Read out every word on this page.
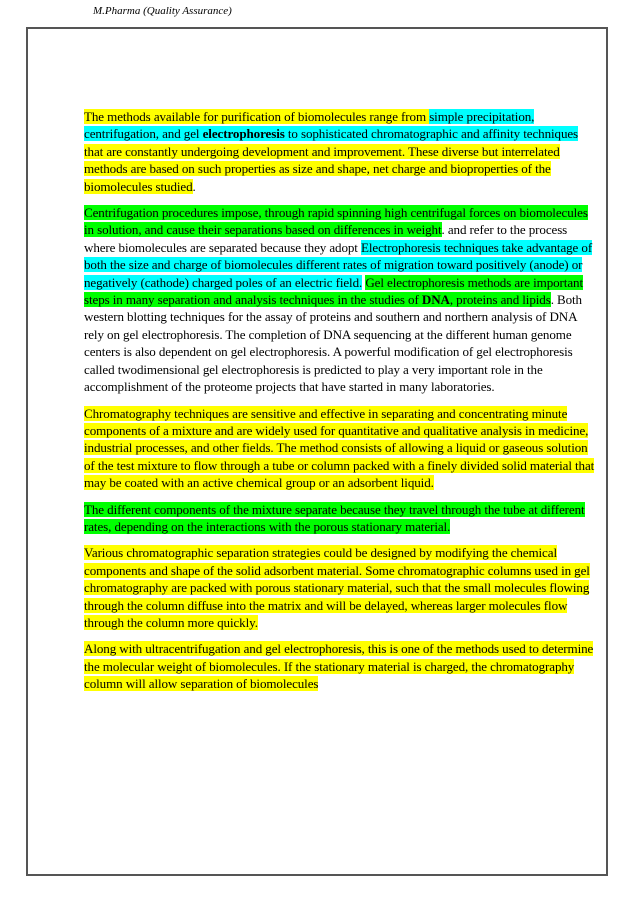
M.Pharma (Quality Assurance)

The methods available for purification of biomolecules range from simple precipitation, centrifugation, and gel electrophoresis to sophisticated chromatographic and affinity techniques that are constantly undergoing development and improvement. These diverse but interrelated methods are based on such properties as size and shape, net charge and bioproperties of the biomolecules studied.

Centrifugation procedures impose, through rapid spinning high centrifugal forces on biomolecules in solution, and cause their separations based on differences in weight. and refer to the process where biomolecules are separated because they adopt Electrophoresis techniques take advantage of both the size and charge of biomolecules different rates of migration toward positively (anode) or negatively (cathode) charged poles of an electric field. Gel electrophoresis methods are important steps in many separation and analysis techniques in the studies of DNA, proteins and lipids. Both western blotting techniques for the assay of proteins and southern and northern analysis of DNA rely on gel electrophoresis. The completion of DNA sequencing at the different human genome centers is also dependent on gel electrophoresis. A powerful modification of gel electrophoresis called twodimensional gel electrophoresis is predicted to play a very important role in the accomplishment of the proteome projects that have started in many laboratories.

Chromatography techniques are sensitive and effective in separating and concentrating minute components of a mixture and are widely used for quantitative and qualitative analysis in medicine, industrial processes, and other fields. The method consists of allowing a liquid or gaseous solution of the test mixture to flow through a tube or column packed with a finely divided solid material that may be coated with an active chemical group or an adsorbent liquid.

The different components of the mixture separate because they travel through the tube at different rates, depending on the interactions with the porous stationary material.

Various chromatographic separation strategies could be designed by modifying the chemical components and shape of the solid adsorbent material. Some chromatographic columns used in gel chromatography are packed with porous stationary material, such that the small molecules flowing through the column diffuse into the matrix and will be delayed, whereas larger molecules flow through the column more quickly.

Along with ultracentrifugation and gel electrophoresis, this is one of the methods used to determine the molecular weight of biomolecules. If the stationary material is charged, the chromatography column will allow separation of biomolecules
